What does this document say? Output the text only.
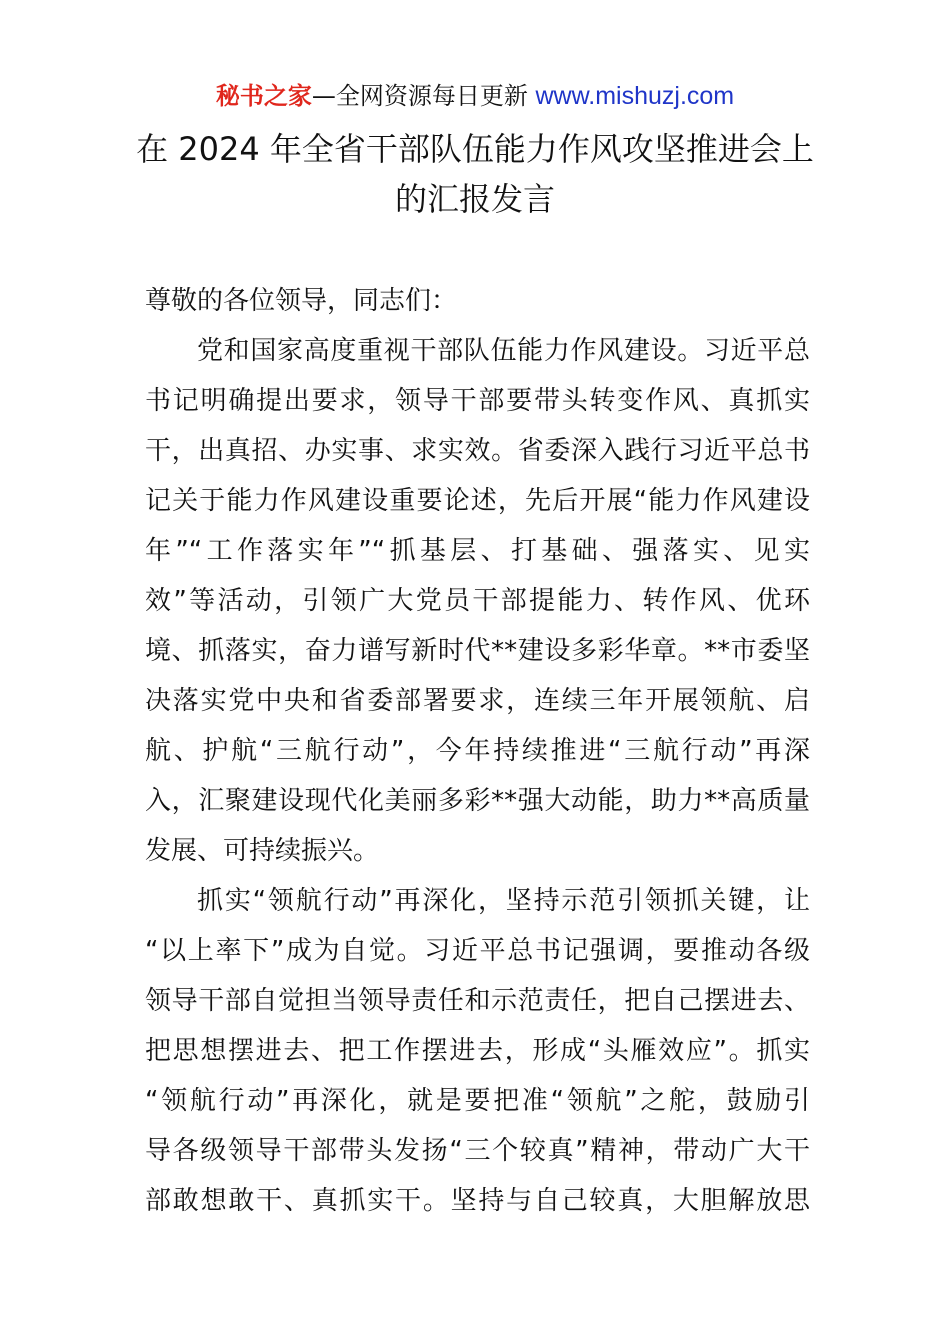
秘书之家—全网资源每日更新 www.mishuzj.com
在 2024 年全省干部队伍能力作风攻坚推进会上
的汇报发言
尊敬的各位领导，同志们：
党和国家高度重视干部队伍能力作风建设。习近平总
书记明确提出要求，领导干部要带头转变作风、真抓实
干，出真招、办实事、求实效。省委深入践行习近平总书
记关于能力作风建设重要论述，先后开展“能力作风建设
年”“工作落实年”“抓基层、打基础、强落实、见实
效”等活动，引领广大党员干部提能力、转作风、优环
境、抓落实，奋力谱写新时代**建设多彩华章。**市委坚
决落实党中央和省委部署要求，连续三年开展领航、启
航、护航“三航行动”，今年持续推进“三航行动”再深
入，汇聚建设现代化美丽多彩**强大动能，助力**高质量
发展、可持续振兴。
抓实“领航行动”再深化，坚持示范引领抓关键，让
“以上率下”成为自觉。习近平总书记强调，要推动各级
领导干部自觉担当领导责任和示范责任，把自己摆进去、
把思想摆进去、把工作摆进去，形成“头雁效应”。抓实
“领航行动”再深化，就是要把准“领航”之舵，鼓励引
导各级领导干部带头发扬“三个较真”精神，带动广大干
部敢想敢干、真抓实干。坚持与自己较真，大胆解放思
